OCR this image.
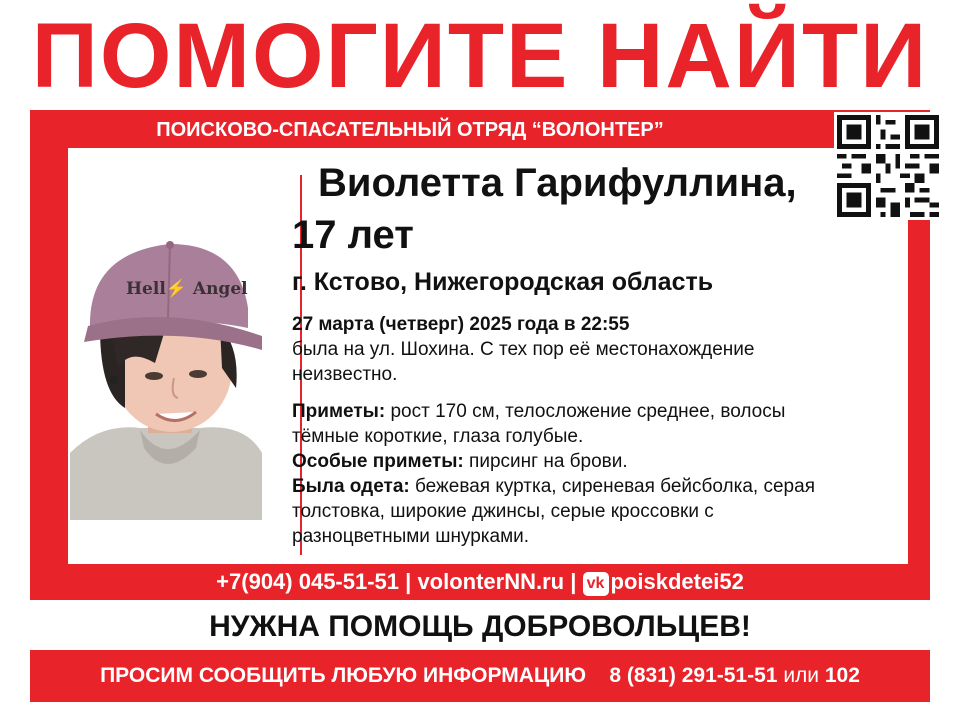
ПОМОГИТЕ НАЙТИ
ПОИСКОВО-СПАСАТЕЛЬНЫЙ ОТРЯД “ВОЛОНТЕР”
Hell⚡ Angel
Виолетта Гарифуллина,
17 лет
г. Кстово, Нижегородская область

27 марта (четверг) 2025 года в 22:55

была на ул. Шохина. С тех пор её местонахождение неизвестно.

Приметы: рост 170 см, телосложение среднее, волосы тёмные короткие, глаза голубые.

Особые приметы: пирсинг на брови.

Была одета: бежевая куртка, сиреневая бейсболка, серая толстовка, широкие джинсы, серые кроссовки с разноцветными шнурками.

+7(904) 045-51-51 | volonterNN.ru | vk poiskdetei52
НУЖНА ПОМОЩЬ ДОБРОВОЛЬЦЕВ!
ПРОСИМ СООБЩИТЬ ЛЮБУЮ ИНФОРМАЦИЮ 8 (831) 291-51-51 или 102
